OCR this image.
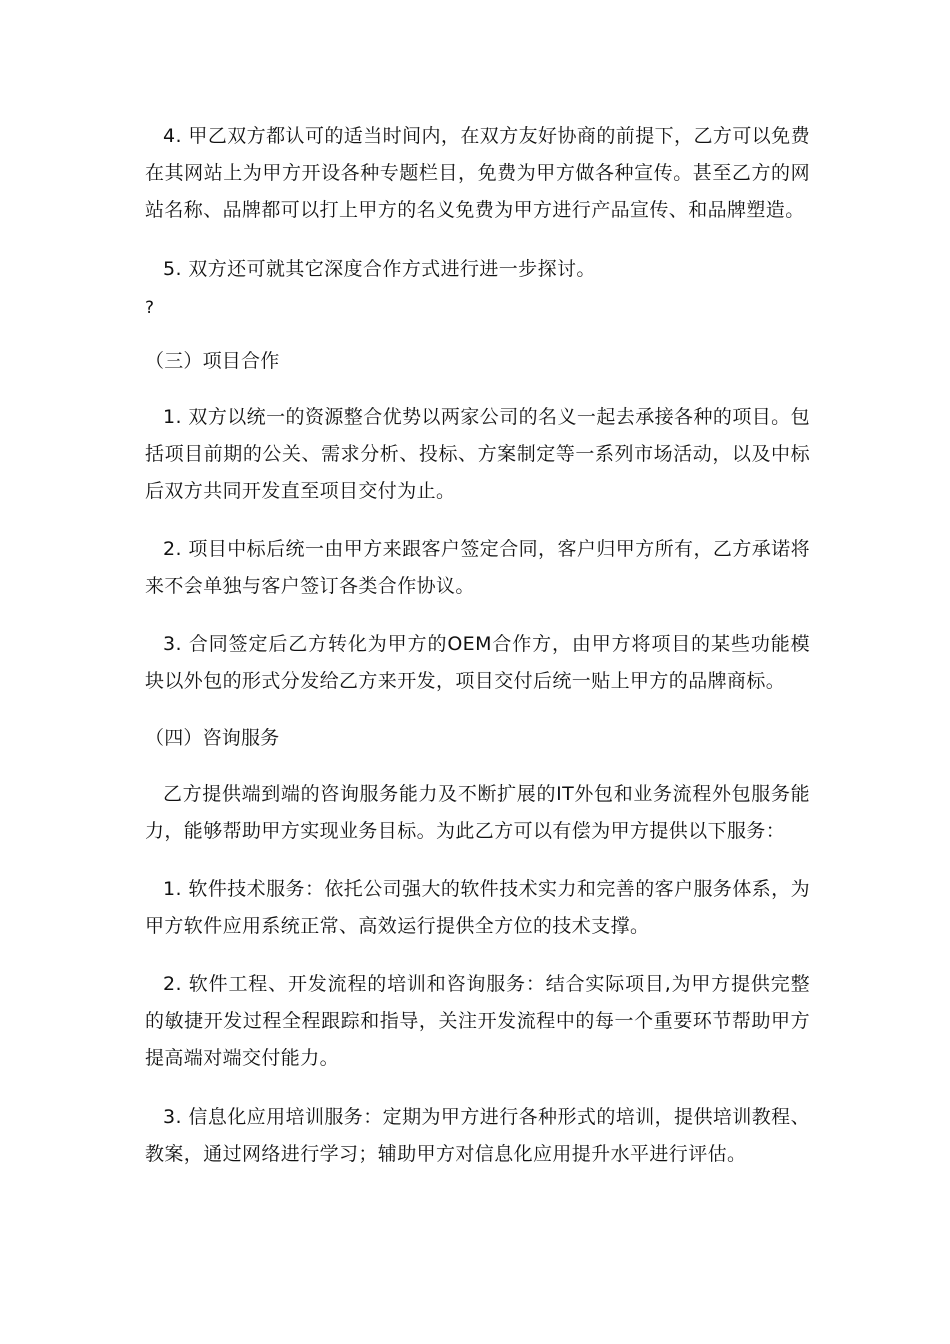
4. 甲乙双方都认可的适当时间内，在双方友好协商的前提下，乙方可以免费在其网站上为甲方开设各种专题栏目，免费为甲方做各种宣传。甚至乙方的网站名称、品牌都可以打上甲方的名义免费为甲方进行产品宣传、和品牌塑造。

5. 双方还可就其它深度合作方式进行进一步探讨。

?

（三）项目合作

1. 双方以统一的资源整合优势以两家公司的名义一起去承接各种的项目。包括项目前期的公关、需求分析、投标、方案制定等一系列市场活动，以及中标后双方共同开发直至项目交付为止。

2. 项目中标后统一由甲方来跟客户签定合同，客户归甲方所有，乙方承诺将来不会单独与客户签订各类合作协议。

3. 合同签定后乙方转化为甲方的OEM合作方，由甲方将项目的某些功能模块以外包的形式分发给乙方来开发，项目交付后统一贴上甲方的品牌商标。

（四）咨询服务

乙方提供端到端的咨询服务能力及不断扩展的IT外包和业务流程外包服务能力，能够帮助甲方实现业务目标。为此乙方可以有偿为甲方提供以下服务：

1. 软件技术服务：依托公司强大的软件技术实力和完善的客户服务体系，为甲方软件应用系统正常、高效运行提供全方位的技术支撑。

2. 软件工程、开发流程的培训和咨询服务：结合实际项目,为甲方提供完整的敏捷开发过程全程跟踪和指导，关注开发流程中的每一个重要环节帮助甲方提高端对端交付能力。

3. 信息化应用培训服务：定期为甲方进行各种形式的培训，提供培训教程、教案，通过网络进行学习；辅助甲方对信息化应用提升水平进行评估。
